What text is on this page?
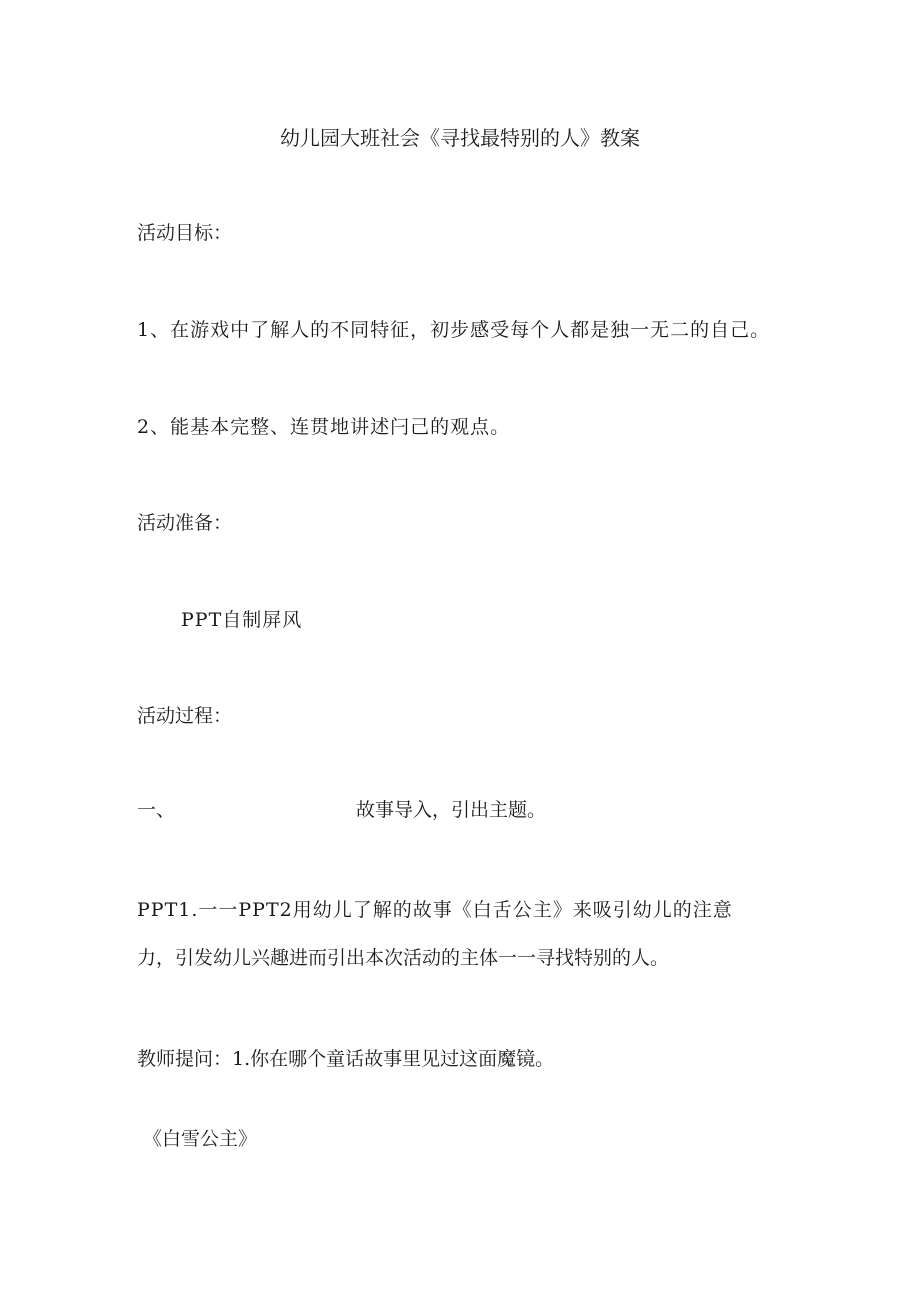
幼儿园大班社会《寻找最特别的人》教案

活动目标：

1、在游戏中了解人的不同特征，初步感受每个人都是独一无二的自己。

2、能基本完整、连贯地讲述闩己的观点。

活动准备：

PPT自制屏风

活动过程：

一、	故事导入，引出主题。

PPT1.一一PPT2用幼儿了解的故事《白舌公主》来吸引幼儿的注意

力，引发幼儿兴趣进而引出本次活动的主体一一寻找特别的人。

教师提问：1.你在哪个童话故事里见过这面魔镜。

《白雪公主》
